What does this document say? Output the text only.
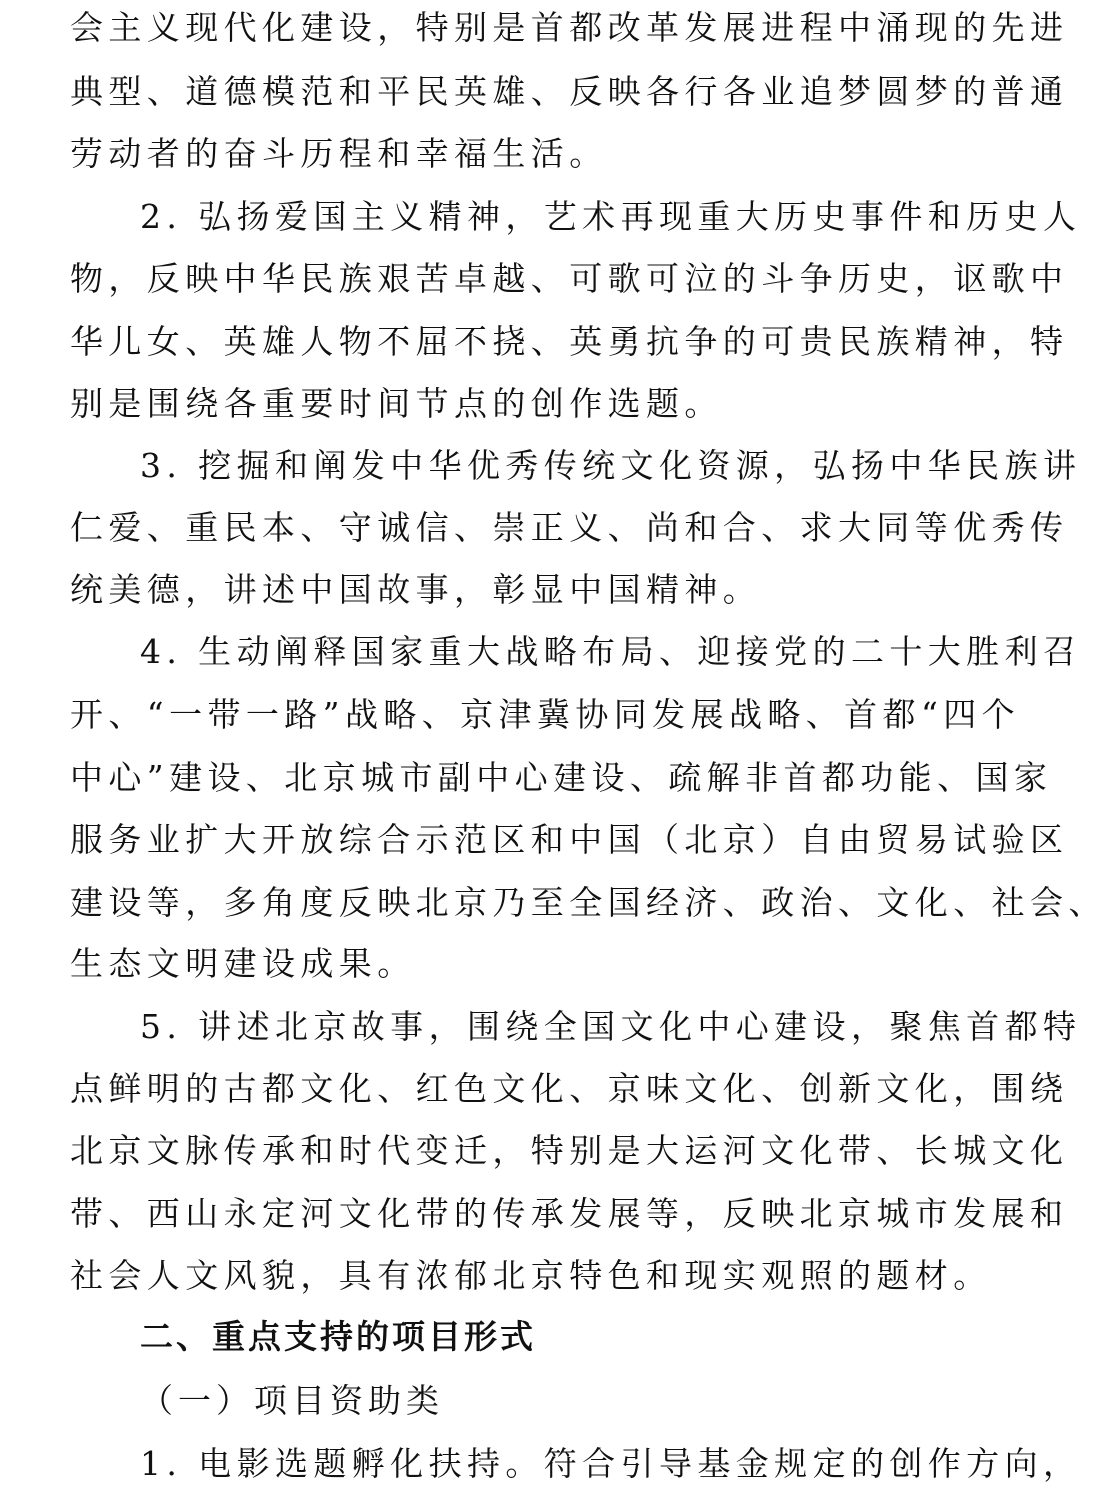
会主义现代化建设，特别是首都改革发展进程中涌现的先进
典型、道德模范和平民英雄、反映各行各业追梦圆梦的普通
劳动者的奋斗历程和幸福生活。
2. 弘扬爱国主义精神，艺术再现重大历史事件和历史人
物，反映中华民族艰苦卓越、可歌可泣的斗争历史，讴歌中
华儿女、英雄人物不屈不挠、英勇抗争的可贵民族精神，特
别是围绕各重要时间节点的创作选题。
3. 挖掘和阐发中华优秀传统文化资源，弘扬中华民族讲
仁爱、重民本、守诚信、崇正义、尚和合、求大同等优秀传
统美德，讲述中国故事，彰显中国精神。
4. 生动阐释国家重大战略布局、迎接党的二十大胜利召
开、“一带一路”战略、京津冀协同发展战略、首都“四个
中心”建设、北京城市副中心建设、疏解非首都功能、国家
服务业扩大开放综合示范区和中国（北京）自由贸易试验区
建设等，多角度反映北京乃至全国经济、政治、文化、社会、
生态文明建设成果。
5. 讲述北京故事，围绕全国文化中心建设，聚焦首都特
点鲜明的古都文化、红色文化、京味文化、创新文化，围绕
北京文脉传承和时代变迁，特别是大运河文化带、长城文化
带、西山永定河文化带的传承发展等，反映北京城市发展和
社会人文风貌，具有浓郁北京特色和现实观照的题材。
二、重点支持的项目形式
（一）项目资助类
1. 电影选题孵化扶持。符合引导基金规定的创作方向，
